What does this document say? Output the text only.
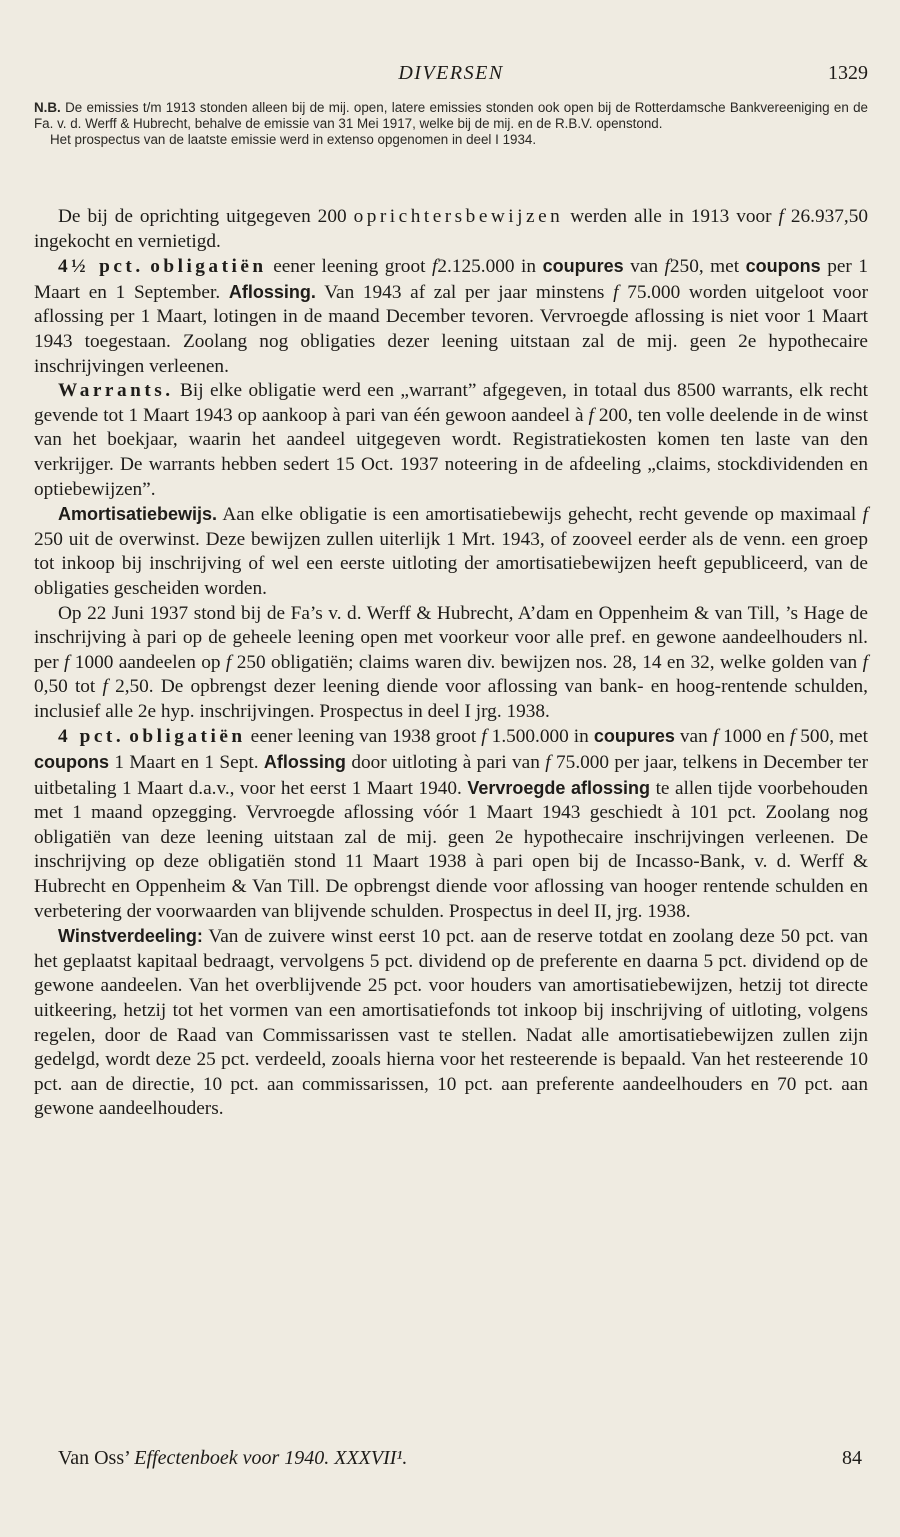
DIVERSEN	1329

N.B. De emissies t/m 1913 stonden alleen bij de mij. open, latere emissies stonden ook open bij de Rotterdamsche Bankvereeniging en de Fa. v. d. Werff & Hubrecht, behalve de emissie van 31 Mei 1917, welke bij de mij. en de R.B.V. openstond.

Het prospectus van de laatste emissie werd in extenso opgenomen in deel I 1934.

De bij de oprichting uitgegeven 200 oprichtersbewijzen werden alle in 1913 voor f 26.937,50 ingekocht en vernietigd.

4½ pct. obligatiën eener leening groot f2.125.000 in coupures van f250, met coupons per 1 Maart en 1 September. Aflossing. Van 1943 af zal per jaar minstens f 75.000 worden uitgeloot voor aflossing per 1 Maart, lotingen in de maand December tevoren. Vervroegde aflossing is niet voor 1 Maart 1943 toegestaan. Zoolang nog obligaties dezer leening uitstaan zal de mij. geen 2e hypothecaire inschrijvingen verleenen.

Warrants. Bij elke obligatie werd een „warrant” afgegeven, in totaal dus 8500 warrants, elk recht gevende tot 1 Maart 1943 op aankoop à pari van één gewoon aandeel à f 200, ten volle deelende in de winst van het boekjaar, waarin het aandeel uitgegeven wordt. Registratiekosten komen ten laste van den verkrijger. De warrants hebben sedert 15 Oct. 1937 noteering in de afdeeling „claims, stockdividenden en optiebewijzen”.

Amortisatiebewijs. Aan elke obligatie is een amortisatiebewijs gehecht, recht gevende op maximaal f 250 uit de overwinst. Deze bewijzen zullen uiterlijk 1 Mrt. 1943, of zooveel eerder als de venn. een groep tot inkoop bij inschrijving of wel een eerste uitloting der amortisatiebewijzen heeft gepubliceerd, van de obligaties gescheiden worden.

Op 22 Juni 1937 stond bij de Fa’s v. d. Werff & Hubrecht, A’dam en Oppenheim & van Till, ’s Hage de inschrijving à pari op de geheele leening open met voorkeur voor alle pref. en gewone aandeelhouders nl. per f 1000 aandeelen op f 250 obligatiën; claims waren div. bewijzen nos. 28, 14 en 32, welke golden van f 0,50 tot f 2,50. De opbrengst dezer leening diende voor aflossing van bank- en hoog-rentende schulden, inclusief alle 2e hyp. inschrijvingen. Prospectus in deel I jrg. 1938.

4 pct. obligatiën eener leening van 1938 groot f 1.500.000 in coupures van f 1000 en f 500, met coupons 1 Maart en 1 Sept. Aflossing door uitloting à pari van f 75.000 per jaar, telkens in December ter uitbetaling 1 Maart d.a.v., voor het eerst 1 Maart 1940. Vervroegde aflossing te allen tijde voorbehouden met 1 maand opzegging. Vervroegde aflossing vóór 1 Maart 1943 geschiedt à 101 pct. Zoolang nog obligatiën van deze leening uitstaan zal de mij. geen 2e hypothecaire inschrijvingen verleenen. De inschrijving op deze obligatiën stond 11 Maart 1938 à pari open bij de Incasso-Bank, v. d. Werff & Hubrecht en Oppenheim & Van Till. De opbrengst diende voor aflossing van hooger rentende schulden en verbetering der voorwaarden van blijvende schulden. Prospectus in deel II, jrg. 1938.

Winstverdeeling: Van de zuivere winst eerst 10 pct. aan de reserve totdat en zoolang deze 50 pct. van het geplaatst kapitaal bedraagt, vervolgens 5 pct. dividend op de preferente en daarna 5 pct. dividend op de gewone aandeelen. Van het overblijvende 25 pct. voor houders van amortisatiebewijzen, hetzij tot directe uitkeering, hetzij tot het vormen van een amortisatiefonds tot inkoop bij inschrijving of uitloting, volgens regelen, door de Raad van Commissarissen vast te stellen. Nadat alle amortisatiebewijzen zullen zijn gedelgd, wordt deze 25 pct. verdeeld, zooals hierna voor het resteerende is bepaald. Van het resteerende 10 pct. aan de directie, 10 pct. aan commissarissen, 10 pct. aan preferente aandeelhouders en 70 pct. aan gewone aandeelhouders.

Van Oss’ Effectenboek voor 1940. XXXVII¹.	84
